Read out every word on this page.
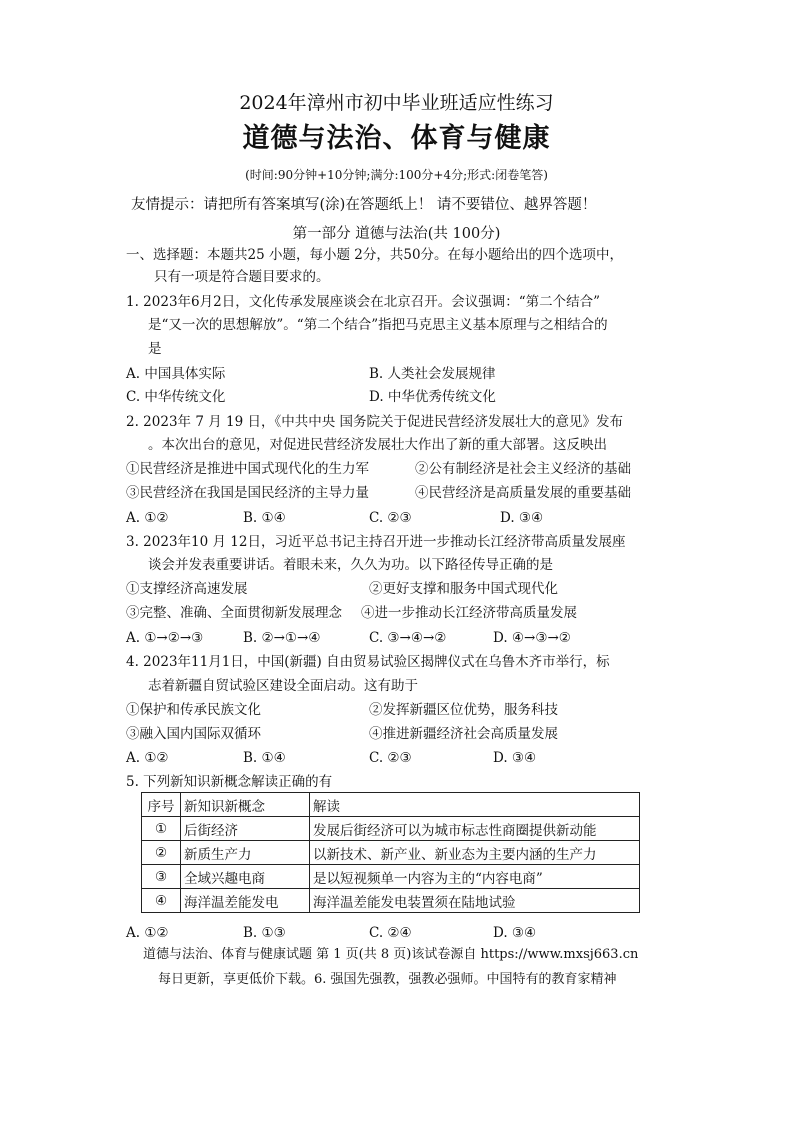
2024年漳州市初中毕业班适应性练习
道德与法治、体育与健康
(时间:90分钟+10分钟;满分:100分+4分;形式:闭卷笔答)
友情提示：请把所有答案填写(涂)在答题纸上！ 请不要错位、越界答题！
第一部分 道德与法治(共 100分)
一、选择题：本题共25 小题，每小题 2分，共50分。在每小题给出的四个选项中，
只有一项是符合题目要求的。
1. 2023年6月2日，文化传承发展座谈会在北京召开。会议强调：“第二个结合”
是“又一次的思想解放”。“第二个结合”指把马克思主义基本原理与之相结合的
是
A. 中国具体实际	B. 人类社会发展规律
C. 中华传统文化	D. 中华优秀传统文化
2. 2023年 7 月 19 日，《中共中央 国务院关于促进民营经济发展壮大的意见》发布
。本次出台的意见，对促进民营经济发展壮大作出了新的重大部署。这反映出
①民营经济是推进中国式现代化的生力军	②公有制经济是社会主义经济的基础
③民营经济在我国是国民经济的主导力量	④民营经济是高质量发展的重要基础
A. ①②	B. ①④	C. ②③	D. ③④
3. 2023年10 月 12日，习近平总书记主持召开进一步推动长江经济带高质量发展座
谈会并发表重要讲话。着眼未来，久久为功。以下路径传导正确的是
①支撑经济高速发展	②更好支撑和服务中国式现代化
③完整、准确、全面贯彻新发展理念 ④进一步推动长江经济带高质量发展
A. ①→②→③	B. ②→①→④	C. ③→④→②	D. ④→③→②
4. 2023年11月1日，中国(新疆) 自由贸易试验区揭牌仪式在乌鲁木齐市举行，标
志着新疆自贸试验区建设全面启动。这有助于
①保护和传承民族文化	②发挥新疆区位优势，服务科技
③融入国内国际双循环	④推进新疆经济社会高质量发展
A. ①②	B. ①④	C. ②③	D. ③④
5. 下列新知识新概念解读正确的有
序号	新知识新概念	解读
①	后街经济	发展后街经济可以为城市标志性商圈提供新动能
②	新质生产力	以新技术、新产业、新业态为主要内涵的生产力
③	全域兴趣电商	是以短视频单一内容为主的“内容电商”
④	海洋温差能发电	海洋温差能发电装置须在陆地试验
A. ①②	B. ①③	C. ②④	D. ③④
道德与法治、体育与健康试题 第 1 页(共 8 页)该试卷源自 https://www.mxsj663.cn
每日更新，享更低价下载。6. 强国先强教，强教必强师。中国特有的教育家精神
